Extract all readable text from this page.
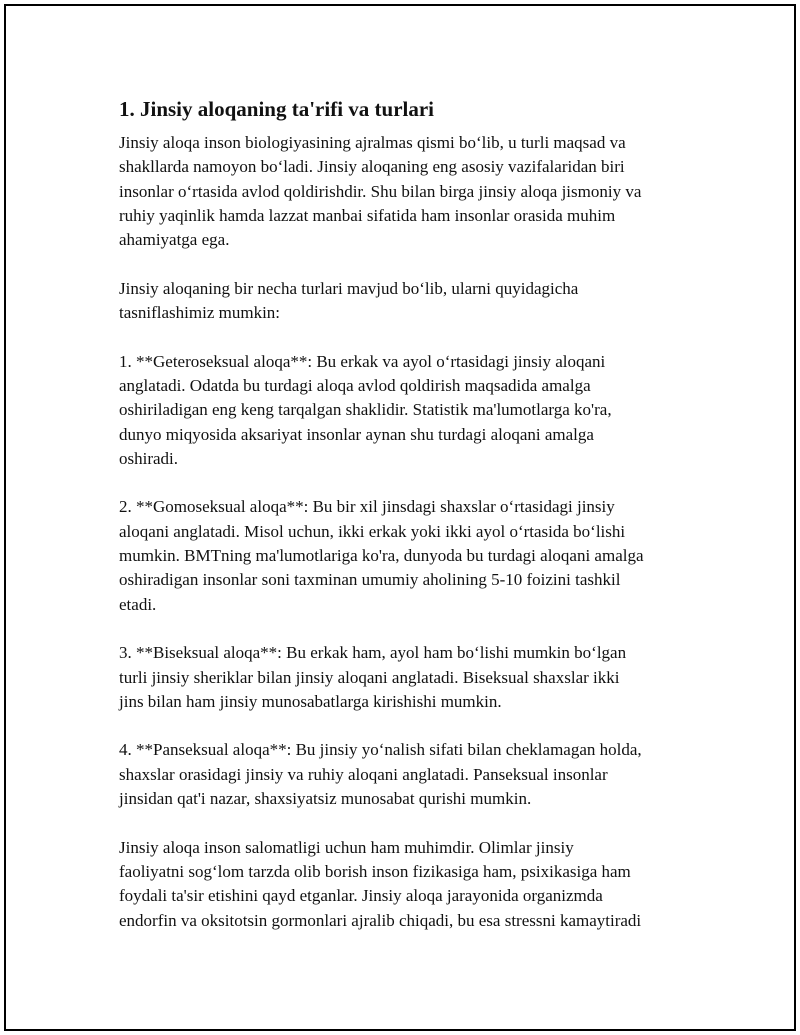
1. Jinsiy aloqaning ta'rifi va turlari

Jinsiy aloqa inson biologiyasining ajralmas qismi bo‘lib, u turli maqsad va
shakllarda namoyon bo‘ladi. Jinsiy aloqaning eng asosiy vazifalaridan biri
insonlar o‘rtasida avlod qoldirishdir. Shu bilan birga jinsiy aloqa jismoniy va
ruhiy yaqinlik hamda lazzat manbai sifatida ham insonlar orasida muhim
ahamiyatga ega.

Jinsiy aloqaning bir necha turlari mavjud bo‘lib, ularni quyidagicha
tasniflashimiz mumkin:

1. **Geteroseksual aloqa**: Bu erkak va ayol o‘rtasidagi jinsiy aloqani
anglatadi. Odatda bu turdagi aloqa avlod qoldirish maqsadida amalga
oshiriladigan eng keng tarqalgan shaklidir. Statistik ma'lumotlarga ko'ra,
dunyo miqyosida aksariyat insonlar aynan shu turdagi aloqani amalga
oshiradi.

2. **Gomoseksual aloqa**: Bu bir xil jinsdagi shaxslar o‘rtasidagi jinsiy
aloqani anglatadi. Misol uchun, ikki erkak yoki ikki ayol o‘rtasida bo‘lishi
mumkin. BMTning ma'lumotlariga ko'ra, dunyoda bu turdagi aloqani amalga
oshiradigan insonlar soni taxminan umumiy aholining 5-10 foizini tashkil
etadi.

3. **Biseksual aloqa**: Bu erkak ham, ayol ham bo‘lishi mumkin bo‘lgan
turli jinsiy sheriklar bilan jinsiy aloqani anglatadi. Biseksual shaxslar ikki
jins bilan ham jinsiy munosabatlarga kirishishi mumkin.

4. **Panseksual aloqa**: Bu jinsiy yo‘nalish sifati bilan cheklamagan holda,
shaxslar orasidagi jinsiy va ruhiy aloqani anglatadi. Panseksual insonlar
jinsidan qat'i nazar, shaxsiyatsiz munosabat qurishi mumkin.

Jinsiy aloqa inson salomatligi uchun ham muhimdir. Olimlar jinsiy
faoliyatni sog‘lom tarzda olib borish inson fizikasiga ham, psixikasiga ham
foydali ta'sir etishini qayd etganlar. Jinsiy aloqa jarayonida organizmda
endorfin va oksitotsin gormonlari ajralib chiqadi, bu esa stressni kamaytiradi
